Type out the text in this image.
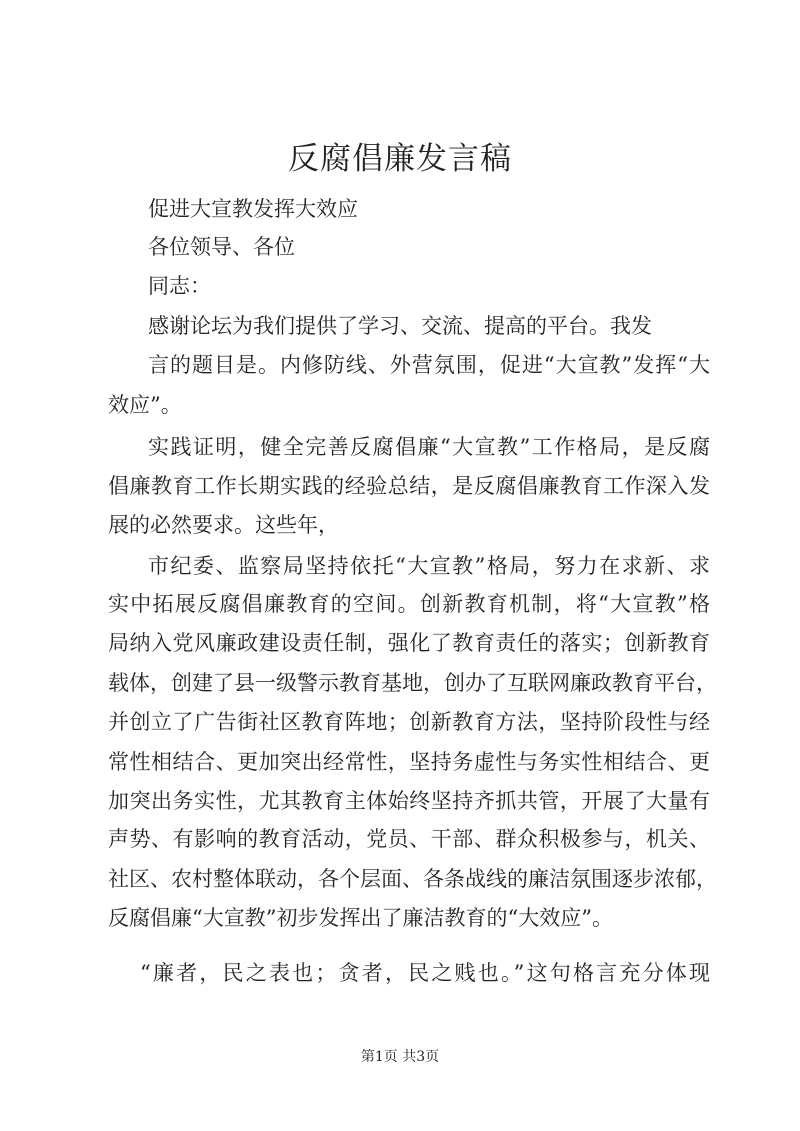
反腐倡廉发言稿
促进大宣教发挥大效应
各位领导、各位
同志：
感谢论坛为我们提供了学习、交流、提高的平台。我发
言的题目是。内修防线、外营氛围，促进“大宣教”发挥“大
效应”。
实践证明，健全完善反腐倡廉“大宣教”工作格局，是反腐
倡廉教育工作长期实践的经验总结，是反腐倡廉教育工作深入发
展的必然要求。这些年，
市纪委、监察局坚持依托“大宣教”格局，努力在求新、求
实中拓展反腐倡廉教育的空间。创新教育机制，将“大宣教”格
局纳入党风廉政建设责任制，强化了教育责任的落实；创新教育
载体，创建了县一级警示教育基地，创办了互联网廉政教育平台，
并创立了广告街社区教育阵地；创新教育方法，坚持阶段性与经
常性相结合、更加突出经常性，坚持务虚性与务实性相结合、更
加突出务实性，尤其教育主体始终坚持齐抓共管，开展了大量有
声势、有影响的教育活动，党员、干部、群众积极参与，机关、
社区、农村整体联动，各个层面、各条战线的廉洁氛围逐步浓郁，
反腐倡廉“大宣教”初步发挥出了廉洁教育的“大效应”。
“廉者，民之表也；贪者，民之贱也。”这句格言充分体现
第1页 共3页
